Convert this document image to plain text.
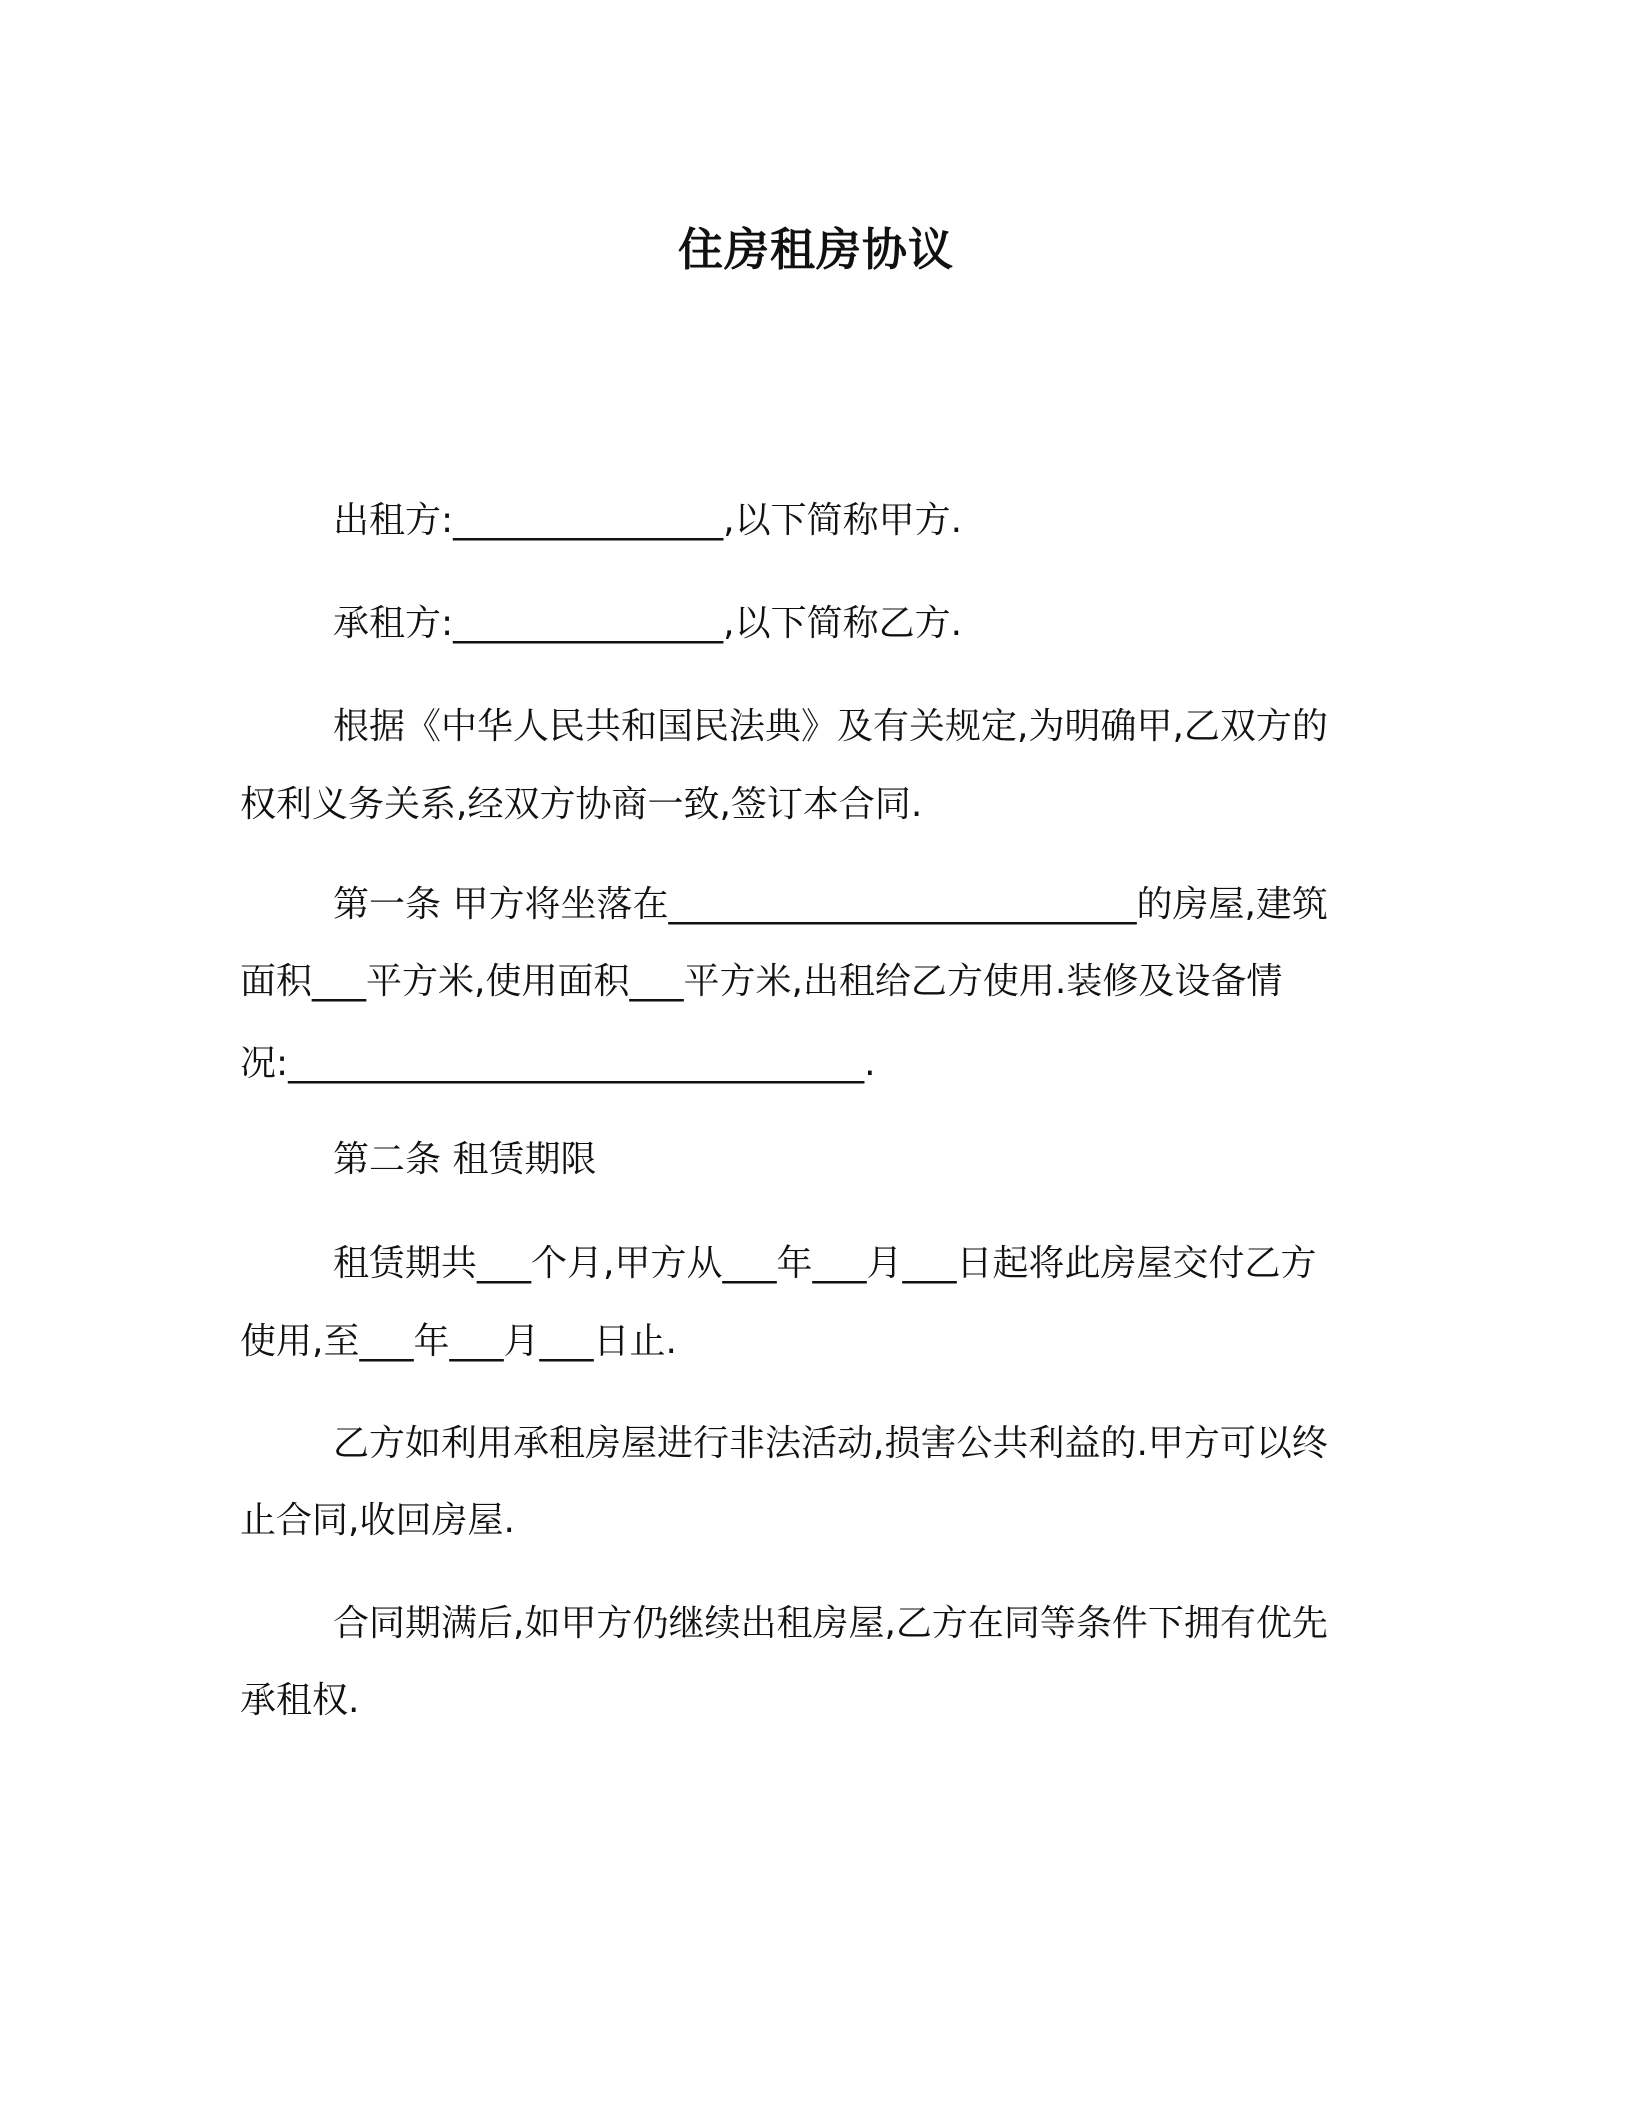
住房租房协议
出租方:_______________,以下简称甲方.
承租方:_______________,以下简称乙方.
根据《中华人民共和国民法典》及有关规定,为明确甲,乙双方的
权利义务关系,经双方协商一致,签订本合同.
第一条 甲方将坐落在__________________________的房屋,建筑
面积___平方米,使用面积___平方米,出租给乙方使用.装修及设备情
况:________________________________.
第二条 租赁期限
租赁期共___个月,甲方从___年___月___日起将此房屋交付乙方
使用,至___年___月___日止.
乙方如利用承租房屋进行非法活动,损害公共利益的.甲方可以终
止合同,收回房屋.
合同期满后,如甲方仍继续出租房屋,乙方在同等条件下拥有优先
承租权.
